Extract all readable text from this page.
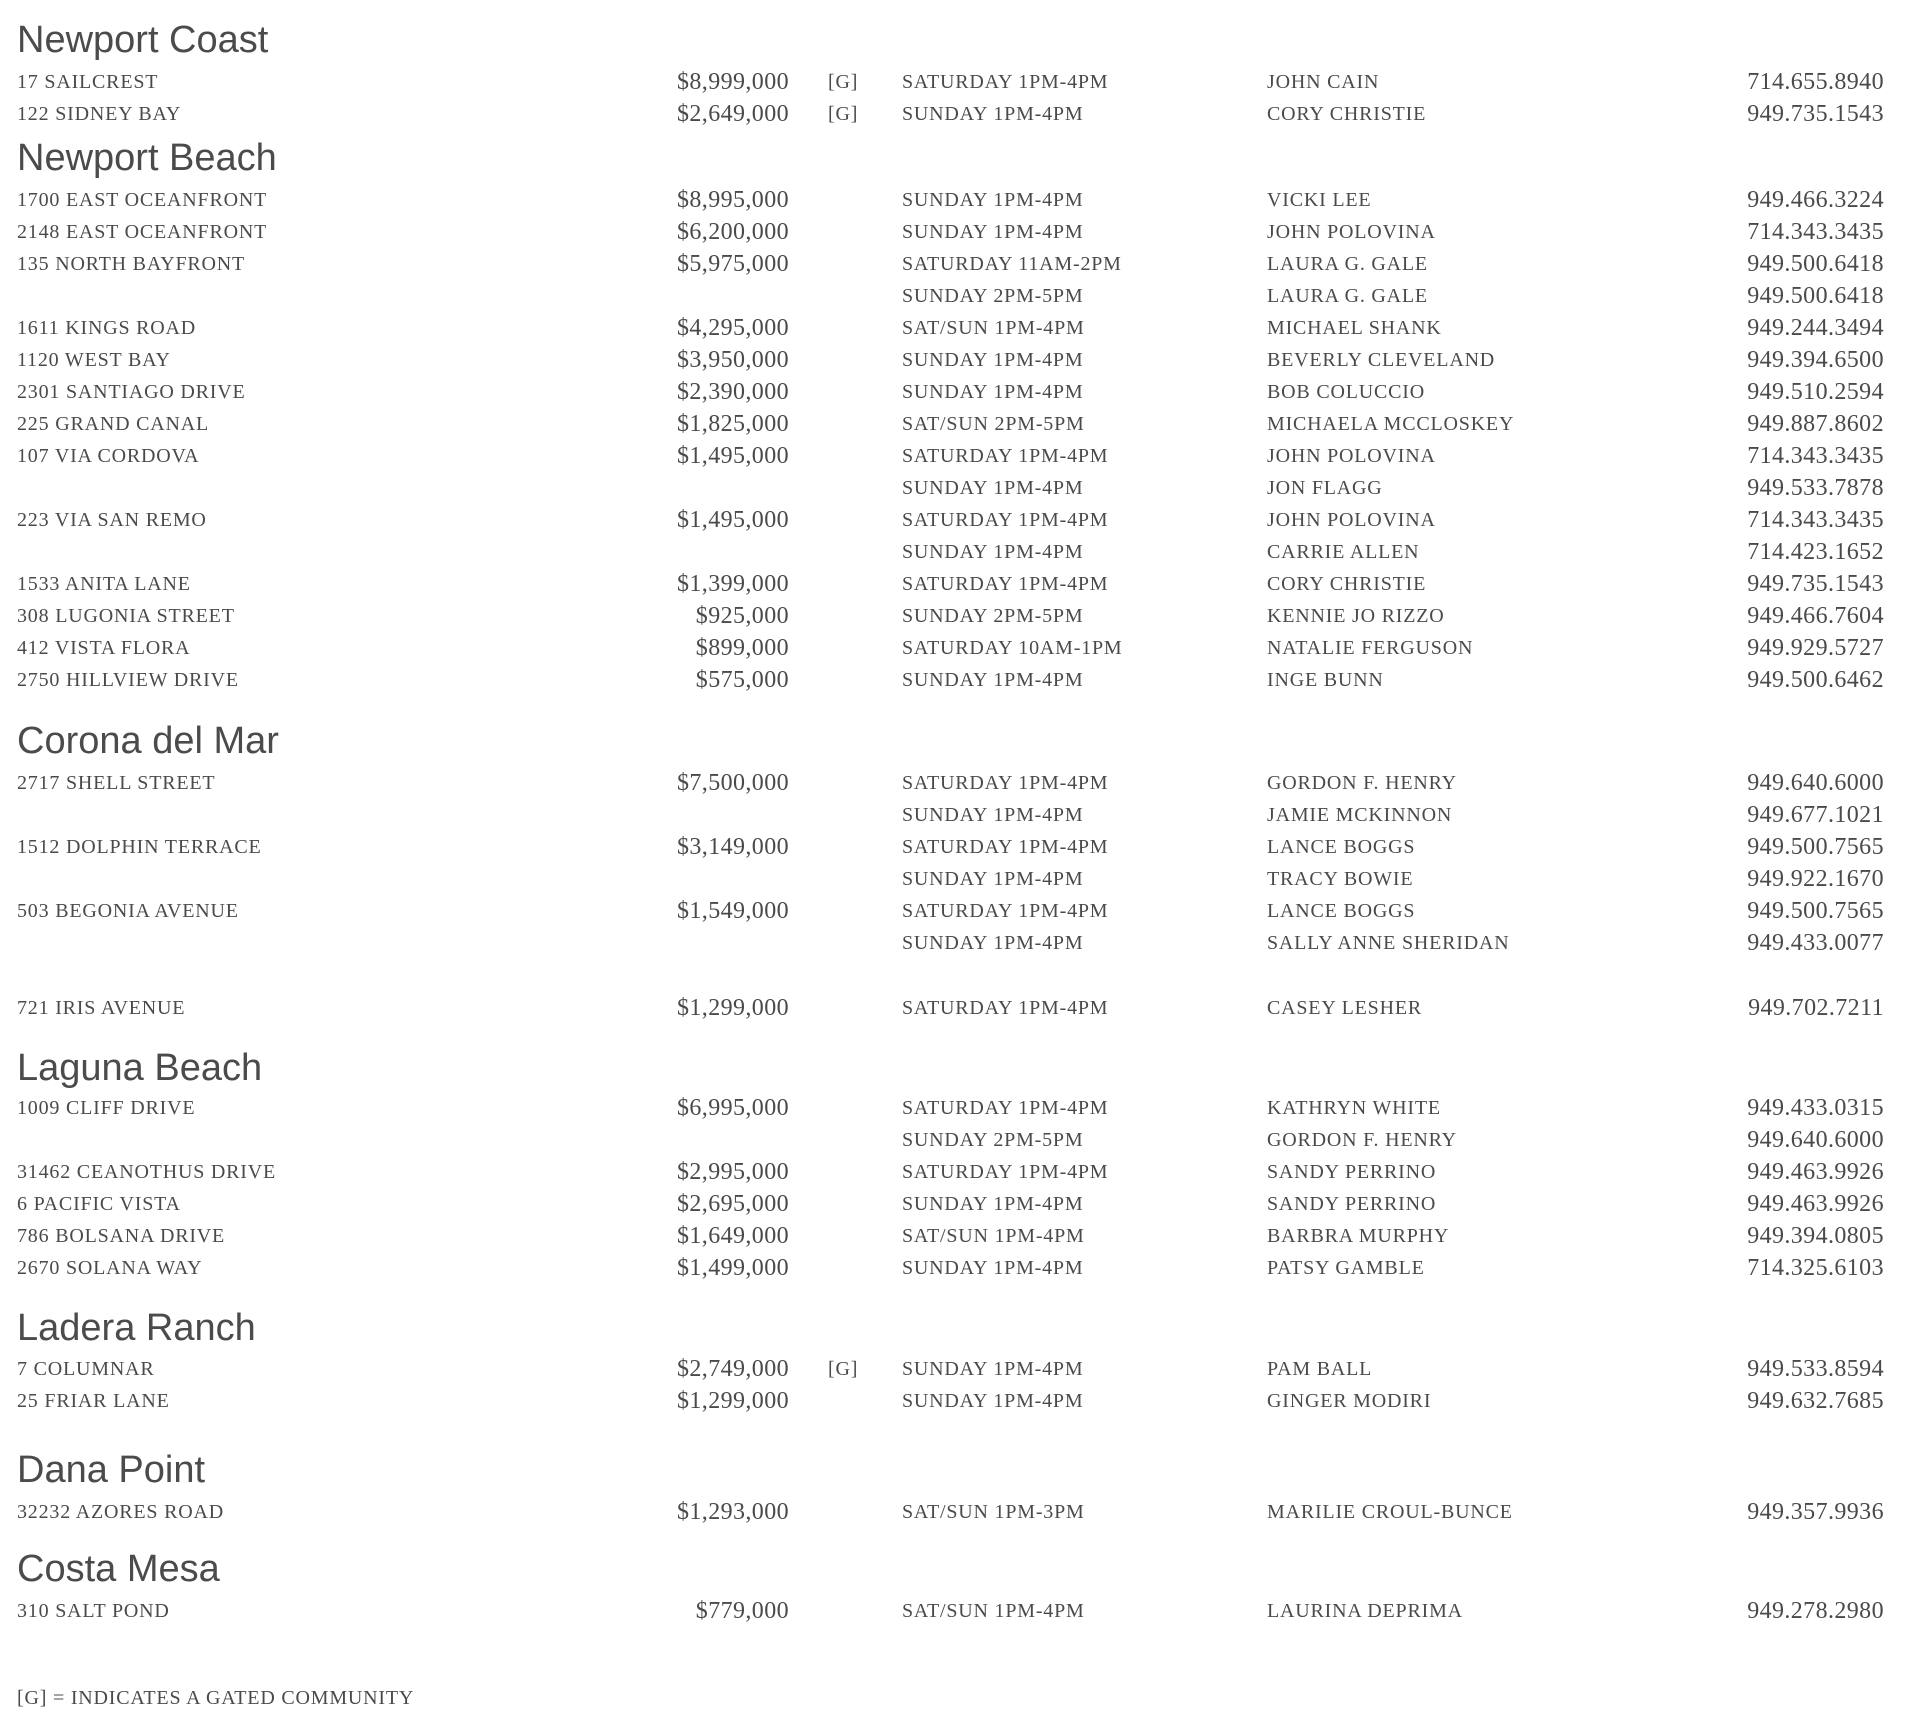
Newport Coast
17 SAILCREST	$8,999,000 [G] SATURDAY 1PM-4PM	JOHN CAIN	714.655.8940
122 SIDNEY BAY	$2,649,000 [G] SUNDAY 1PM-4PM	CORY CHRISTIE	949.735.1543
Newport Beach
1700 EAST OCEANFRONT	$8,995,000	SUNDAY 1PM-4PM	VICKI LEE	949.466.3224
2148 EAST OCEANFRONT	$6,200,000	SUNDAY 1PM-4PM	JOHN POLOVINA	714.343.3435
135 NORTH BAYFRONT	$5,975,000	SATURDAY 11AM-2PM	LAURA G. GALE	949.500.6418
SUNDAY 2PM-5PM	LAURA G. GALE	949.500.6418
1611 KINGS ROAD	$4,295,000	SAT/SUN 1PM-4PM	MICHAEL SHANK	949.244.3494
1120 WEST BAY	$3,950,000	SUNDAY 1PM-4PM	BEVERLY CLEVELAND	949.394.6500
2301 SANTIAGO DRIVE	$2,390,000	SUNDAY 1PM-4PM	BOB COLUCCIO	949.510.2594
225 GRAND CANAL	$1,825,000	SAT/SUN 2PM-5PM	MICHAELA MCCLOSKEY	949.887.8602
107 VIA CORDOVA	$1,495,000	SATURDAY 1PM-4PM	JOHN POLOVINA	714.343.3435
SUNDAY 1PM-4PM	JON FLAGG	949.533.7878
223 VIA SAN REMO	$1,495,000	SATURDAY 1PM-4PM	JOHN POLOVINA	714.343.3435
SUNDAY 1PM-4PM	CARRIE ALLEN	714.423.1652
1533 ANITA LANE	$1,399,000	SATURDAY 1PM-4PM	CORY CHRISTIE	949.735.1543
308 LUGONIA STREET	$925,000	SUNDAY 2PM-5PM	KENNIE JO RIZZO	949.466.7604
412 VISTA FLORA	$899,000	SATURDAY 10AM-1PM	NATALIE FERGUSON	949.929.5727
2750 HILLVIEW DRIVE	$575,000	SUNDAY 1PM-4PM	INGE BUNN	949.500.6462
Corona del Mar
2717 SHELL STREET	$7,500,000	SATURDAY 1PM-4PM	GORDON F. HENRY	949.640.6000
SUNDAY 1PM-4PM	JAMIE MCKINNON	949.677.1021
1512 DOLPHIN TERRACE	$3,149,000	SATURDAY 1PM-4PM	LANCE BOGGS	949.500.7565
SUNDAY 1PM-4PM	TRACY BOWIE	949.922.1670
503 BEGONIA AVENUE	$1,549,000	SATURDAY 1PM-4PM	LANCE BOGGS	949.500.7565
SUNDAY 1PM-4PM	SALLY ANNE SHERIDAN	949.433.0077
721 IRIS AVENUE	$1,299,000	SATURDAY 1PM-4PM	CASEY LESHER	949.702.7211
Laguna Beach
1009 CLIFF DRIVE	$6,995,000	SATURDAY 1PM-4PM	KATHRYN WHITE	949.433.0315
SUNDAY 2PM-5PM	GORDON F. HENRY	949.640.6000
31462 CEANOTHUS DRIVE	$2,995,000	SATURDAY 1PM-4PM	SANDY PERRINO	949.463.9926
6 PACIFIC VISTA	$2,695,000	SUNDAY 1PM-4PM	SANDY PERRINO	949.463.9926
786 BOLSANA DRIVE	$1,649,000	SAT/SUN 1PM-4PM	BARBRA MURPHY	949.394.0805
2670 SOLANA WAY	$1,499,000	SUNDAY 1PM-4PM	PATSY GAMBLE	714.325.6103
Ladera Ranch
7 COLUMNAR	$2,749,000 [G] SUNDAY 1PM-4PM	PAM BALL	949.533.8594
25 FRIAR LANE	$1,299,000	SUNDAY 1PM-4PM	GINGER MODIRI	949.632.7685
Dana Point
32232 AZORES ROAD	$1,293,000	SAT/SUN 1PM-3PM	MARILIE CROUL-BUNCE	949.357.9936
Costa Mesa
310 SALT POND	$779,000	SAT/SUN 1PM-4PM	LAURINA DEPRIMA	949.278.2980

[G] = INDICATES A GATED COMMUNITY
